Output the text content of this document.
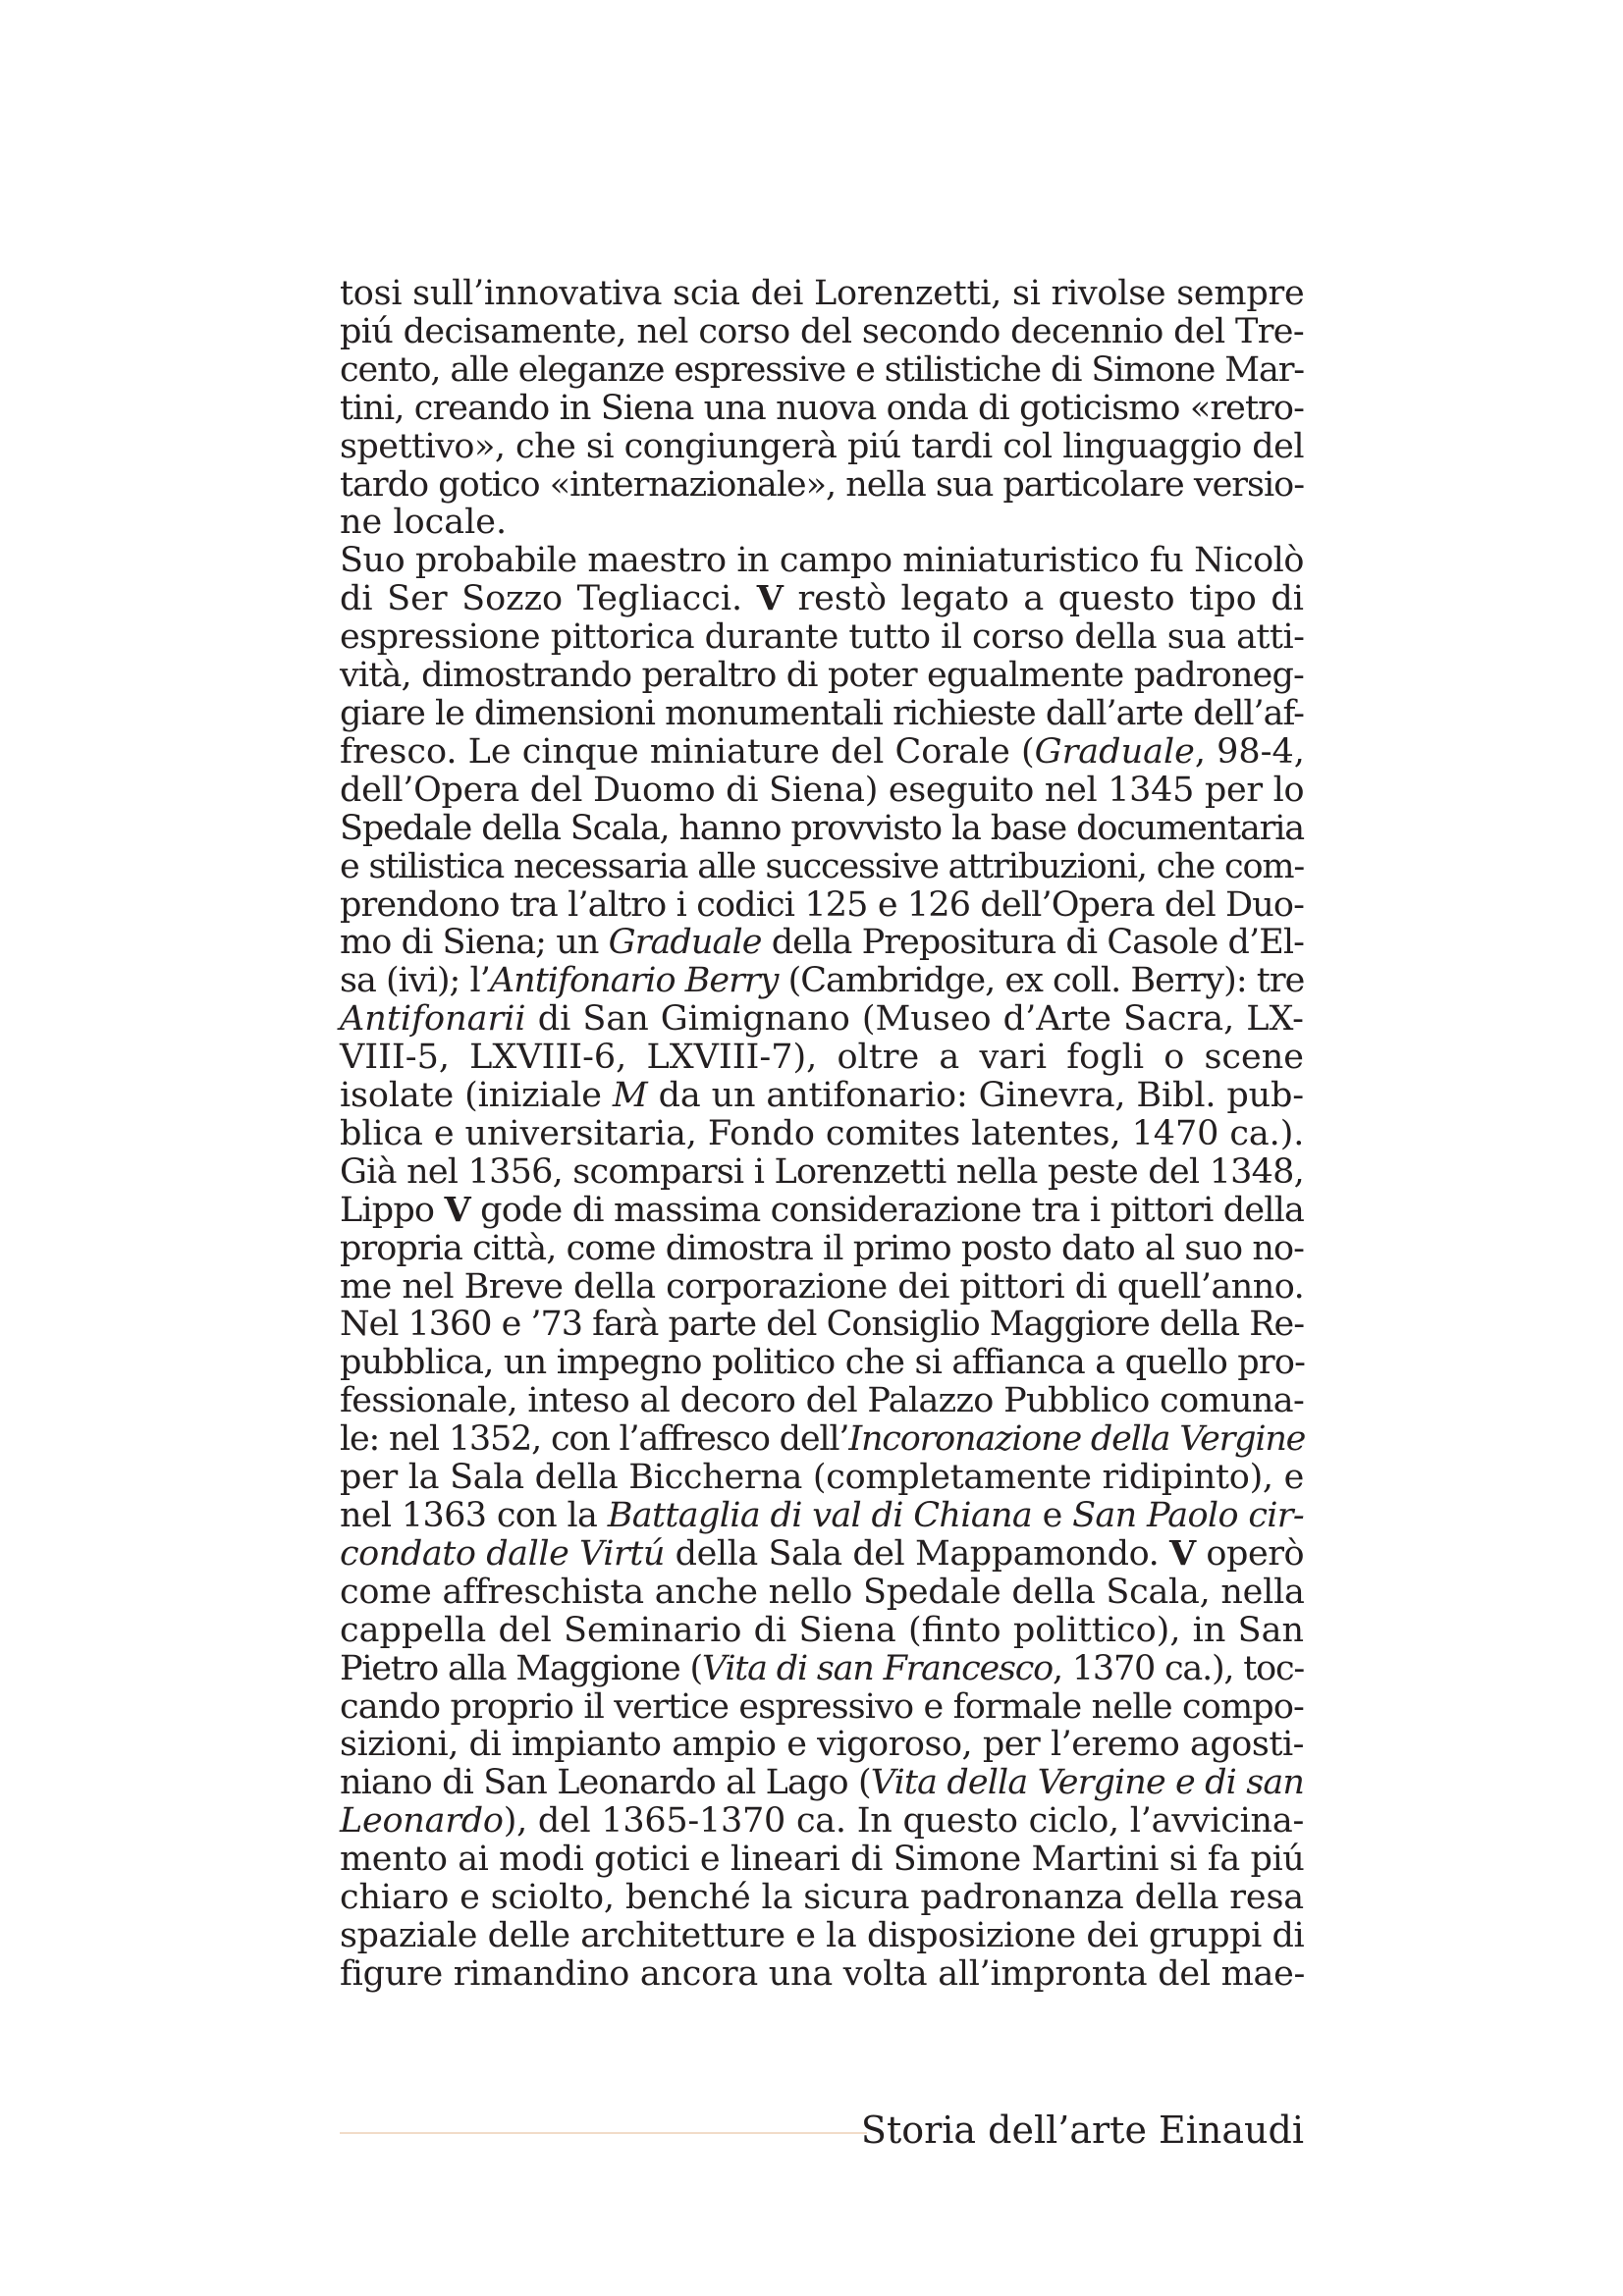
tosi sull’innovativa scia dei Lorenzetti, si rivolse sempre
piú decisamente, nel corso del secondo decennio del Tre-
cento, alle eleganze espressive e stilistiche di Simone Mar-
tini, creando in Siena una nuova onda di goticismo «retro-
spettivo», che si congiungerà piú tardi col linguaggio del
tardo gotico «internazionale», nella sua particolare versio-
ne locale.
Suo probabile maestro in campo miniaturistico fu Nicolò
di Ser Sozzo Tegliacci. V restò legato a questo tipo di
espressione pittorica durante tutto il corso della sua atti-
vità, dimostrando peraltro di poter egualmente padroneg-
giare le dimensioni monumentali richieste dall’arte dell’af-
fresco. Le cinque miniature del Corale (Graduale, 98-4,
dell’Opera del Duomo di Siena) eseguito nel 1345 per lo
Spedale della Scala, hanno provvisto la base documentaria
e stilistica necessaria alle successive attribuzioni, che com-
prendono tra l’altro i codici 125 e 126 dell’Opera del Duo-
mo di Siena; un Graduale della Prepositura di Casole d’El-
sa (ivi); l’Antifonario Berry (Cambridge, ex coll. Berry): tre
Antifonarii di San Gimignano (Museo d’Arte Sacra, LX-
VIII-5, LXVIII-6, LXVIII-7), oltre a vari fogli o scene
isolate (iniziale M da un antifonario: Ginevra, Bibl. pub-
blica e universitaria, Fondo comites latentes, 1470 ca.).
Già nel 1356, scomparsi i Lorenzetti nella peste del 1348,
Lippo V gode di massima considerazione tra i pittori della
propria città, come dimostra il primo posto dato al suo no-
me nel Breve della corporazione dei pittori di quell’anno.
Nel 1360 e ’73 farà parte del Consiglio Maggiore della Re-
pubblica, un impegno politico che si affianca a quello pro-
fessionale, inteso al decoro del Palazzo Pubblico comuna-
le: nel 1352, con l’affresco dell’Incoronazione della Vergine
per la Sala della Biccherna (completamente ridipinto), e
nel 1363 con la Battaglia di val di Chiana e San Paolo cir-
condato dalle Virtú della Sala del Mappamondo. V operò
come affreschista anche nello Spedale della Scala, nella
cappella del Seminario di Siena (finto polittico), in San
Pietro alla Maggione (Vita di san Francesco, 1370 ca.), toc-
cando proprio il vertice espressivo e formale nelle compo-
sizioni, di impianto ampio e vigoroso, per l’eremo agosti-
niano di San Leonardo al Lago (Vita della Vergine e di san
Leonardo), del 1365-1370 ca. In questo ciclo, l’avvicina-
mento ai modi gotici e lineari di Simone Martini si fa piú
chiaro e sciolto, benché la sicura padronanza della resa
spaziale delle architetture e la disposizione dei gruppi di
figure rimandino ancora una volta all’impronta del mae-
Storia dell’arte Einaudi
